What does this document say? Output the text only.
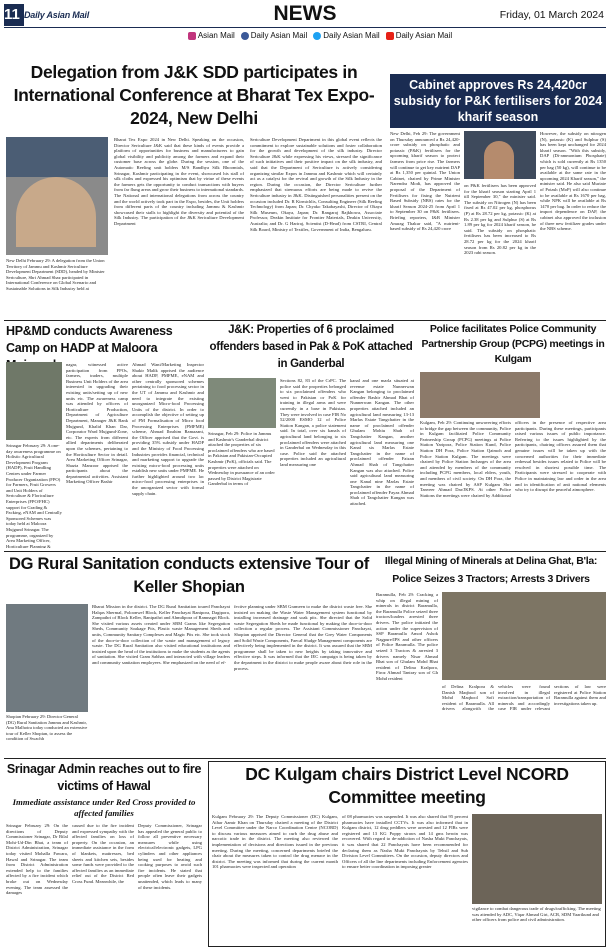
11 Daily Asian Mail	NEWS	Friday, 01 March 2024
Asian Mail Daily Asian Mail Daily Asian Mail Daily Asian Mail
Delegation from J&K SDD participates in International Conference at Bharat Tex Expo-2024, New Delhi
New Delhi February 29: A delegation from the Union Territory of Jammu and Kashmir Sericulture Development Department (SDD), headed by Minister Sericulture, Shri Ahmad Shaz participated in International Conference on Global Scenario and Sustainable Solutions in Silk Industry held at
Bharat Tex Expo 2024 in New Delhi. Speaking on the occasion, Director Sericulture J&K said that these kinds of events provide a platform of opportunities for business and manufacturers to gain global visibility and publicity among the farmers and expand their customer base across the globe. During the session, one of the Automatic Reeling unit holders M/S Bandhya Silk Bhoomtals, Srinagar, Kashmir participating in the event, showcased his stall of silk cloths and expressed his optimism that by virtue of these events the farmers gets the opportunity to conduct transactions with buyers from far flung areas and grow their business to international standards. The National and international delegations from across the country and the world actively took part in the Expo, besides, the Unit holders from different parts of the country including Jammu & Kashmir showcased their stalls to highlight the diversity and potential of the Silk Industry. The participation of the J&K Sericulture Development Department
Sericulture Development Department in this global event reflects the commitment to explore sustainable solutions and foster collaboration for the growth and development of the silk industry. Director Sericulture J&K while expressing his views, stressed the significance of such initiatives and their positive impact on the silk industry, and said that the Department of Sericulture is actively considering organizing similar Expos in Jammu and Kashmir which will certainly act as a catalyst for the revival and growth of the Silk Industry in the region. During the occasion, the Director Sericulture further emphasized that strenuous efforts are being made to revive the Sericulture industry in J&K. Distinguished personalities present on the occasion included Dr. R Kirmichlis, Consulting Engineer (Silk Reeling Technology) from Japan; Dr. Chyako Takabayashi, Director of Okaya Silk Museum, Okaya, Japan; Dr. Rangaraj Rajkhowa, Associate Professor, Deakin Institute for Frontier Materials, Deakin University, Australia; and Dr. G Hariraj, Scientist (D-Head) from CSTRI, Central Silk Board, Ministry of Textiles, Government of India, Bengaluru.
Cabinet approves Rs 24,420cr subsidy for P&K fertilisers for 2024 kharif season
New Delhi, Feb 29: The government on Thursday announced a Rs 24,420-crore subsidy on phosphatic and potassic (P&K) fertilisers for the upcoming kharif season to protect farmers from price rise. The farmers will continue to get key nutrient DAP at Rs 1,350 per quintal. The Union Cabinet, chaired by Prime Minister Narendra Modi, has approved the proposal of the Department of Fertilisers for fixing the Nutrient Based Subsidy (NBS) rates for the kharif Season 2024-25 from April 1 to September 30 on P&K fertilisers. Briefing reporters, I&B Minister Anurag Thakur said, "A nutrient-based subsidy of Rs 24,420 crore
on P&K fertilisers has been approved for the kharif season starting April 1 till September 30," the minister said. The subsidy on Nitrogen (N) has been fixed at Rs 47.02 per kg, phosphorus (P) at Rs 28.72 per kg, potassic (K) at Rs 2.38 per kg and Sulphur (S) at Rs 1.89 per kg for 2024 kharif season, he said. The subsidy on phosphatic fertilisers has been increased to Rs 28.72 per kg for the 2024 kharif season from Rs 20.82 per kg in the 2023 rabi season.
However, the subsidy on nitrogen (N), potassic (K) and Sulphur (S) has been kept unchanged for 2024 kharif season. "With this subsidy, DAP (Di-ammonium Phosphate) which is sold currently at Rs 1350 per bag (50 kg), will continue to be available at the same rate in the upcoming 2024 Kharif season," the minister said. He also said Muriate of Potash (MoP) will also continue to be available at Rs 1670 per bag, while NPK will be available at Rs 1470 per bag. In order to reduce the import dependence on DAP, the cabinet also approved the inclusion of three new fertilizer grades under the NBS scheme.
HP&MD conducts Awareness Camp on HADP at Maloora
Srinagar February 29: A one-day awareness programme on Holistic Agricultural Development Program (HADP), Fruit Handling Centres under Farmer Producer Organization (FPO) for Farmers, Fruit Growers and Unit Holders of Sericulture & Floriculture Enterprises (FPO/FHC) support for Grading & Packing, eNAM and Centrally Sponsored Schemes was today held at Maloora Mujgund Srinagar. The programme, organized by Area Marketing Officer, Horticulture Planning &
nagar, witnessed active participation from FPOs, farmers, traders, multiple Business Unit Holders of the area interested in upgrading their existing units/setting up of new units etc. The awareness camp was attended by officers of Horticulture Production, Department of Agriculture Department, Manager J&K Bank Mujgund, Khalid Khan Dar, Corporator Ward Mujgund-Zone, etc. The experts from different allied departments deliberated upon the schemes, pertaining to the Horticulture Sector in detail. Area Marketing Officer Srinagar, Shazia Manzoor apprised the participants about the departmental activities. Assistant Marketing Officer Bashir
Ahmad Wani/Marketing Inspector Shakir Malik apprised the audience about HADP, PMFME, eNAM and other centrally sponsored schemes pertaining to food processing sector in the UT of Jammu and Kashmir and need to integrate the existing unorganized Micro-food Processing Units of the district. In order to accomplish the objective of setting up of PM Formalisation of Micro food Processing Enterprises (PMFME) scheme, Ahmad Ibrahim Ramazani, the Officer apprised that the Govt. is providing 35% subsidy under HADP and the Ministry of Food Processing Industries provides financial, technical and marketing support to upgrade the existing micro-food processing units establish new units under PMFME. He further highlighted around two lac micro-food processing enterprises in the unorganized sector with formal supply chain.
J&K: Properties of 6 proclaimed offenders based in Pak & PoK attached in Ganderbal
Srinagar, Feb 29: Police in Jammu and Kashmir's Ganderbal district attached the properties of six proclaimed offenders who are based in Pakistan and Pakistan-Occupied Kashmir (PoK), officials said. The properties were attached on Wednesday in pursuance of an order passed by District Magistrate Ganderbal in terms of
Sections 82, 83 of the CrPC. The police said the properties belonged to six proclaimed offenders who went to Pakistan or PoK for training in illegal arms and were currently in a base in Pakistan. They were involved in case FIR No 52/2000 ESMO 12 of Police Station Kangan, a police statement said. In total, over six kanals of agricultural land belonging to six proclaimed offenders were attached in Ganderbal on Wednesday in this case. Police said the attached properties included an agricultural land measuring one
kanal and one marla situated at revenue estate Nunnerwan Kangan belonging to proclaimed offender Bashir Ahmad Bhat of Nunnerwan Kangan. The other properties attached included an agricultural land measuring 13-13 Marlas Estate Tangchatter in the name of proclaimed offender Ghulam Mohiu Shah of Tangchatter Kangan, another agricultural land measuring one Kanal six Marlas Estate Tangchatter in the name of proclaimed offender Faizan Ahmad Shah of Tangchatter Kangan was also attached. Police said agricultural land measuring one Kanal nine Marlas Estate Tangchatter in the name of proclaimed offender Fayaz Ahmad Shah of Tangchatter Kangan was attached.
Police facilitates Police Community Partnership Group (PCPG) meetings in Kulgam
Kulgam, Feb 29: Continuing unwavering efforts to bridge the gap between the community, Police in Kulgam facilitated Police Community Partnership Group (PCPG) meetings at Police Station Yaripora, Police Station Kund, Police Station DH Pora, Police Station Qaimoh and Police Station Kulgam. The meetings were chaired by Police Station Incharges of the area and attended by members of the community including PCPG members, local elders, youth, and members of civil society. On DH Pora, the meeting was chaired by ASP Kulgam Shri Tanveer Ahmad Dar/JKPS. At other Police Stations the meetings were chaired by Additional officers in the presence of respective area participants. During these meetings, participants raised various issues of public importance. Referring to the issues highlighted by the participants, chairing officers assured them that genuine issues will be taken up with the concerned authorities for their immediate redressal besides issues related to Police will be resolved in shortest possible time. The Participants were stressed to cooperate with Police in maintaining law and order in the area and in identification of anti national elements who try to disrupt the peaceful atmosphere.
DG Rural Sanitation conducts extensive Tour of Keller Shopian
Shopian February 29: Director General (DG) Rural Sanitation Jammu and Kashmir, Anu Malhotra today conducted an extensive tour of Keller Shopian, to assess the condition of Swachh
Bharat Mission in the district. The DG Rural Sanitation toured Panchayat Halqas Shermal, Poloonwel Block, Keller Panchayat Ranipora, Dagipora, Zampathri of Block Keller, Ranipathri and Ahmdipora of Ramnagri Block. She visited various assets created under SBM Grams like Segregation Sheds, Community Soakage Pits, Plastic waste Management Sheds and units, Community Sanitary Complexes and Magic Pits etc. She took stock of the door-to-door collection of the waste and management of legacy waste. The DG Rural Sanitation also visited educational institutions and insisted upon the head of the institutions to make the students as the agents of sanitation. She visited Gram Sabhas and interacted with village leaders and community sanitation employees. She emphasized on the need of ef-
fective planning under SBM Grameen to make the district waste free. She insisted on making the Waste Water Management system functional by installing increased drainage and soak pits. She directed that the Solid waste Segregation Sheds be made functional by making the door-to-door collection a regular process. The Assistant Commissioner Panchayat, Shopian apprised the Director General that the Grey Water Components and Solid Waste Components, Faecal Sludge Management components are effectively being implemented in the district. It was assured that the SBM programme shall be taken to new heights by taking innovative and effective steps. It was informed that the IEC campaign is being taken by the department in the district to make people aware about their role in the process.
Illegal Mining of Minerals at Delina Ghat, B'la:
Police Seizes 3 Tractors; Arrests 3 Drivers
Baramulla, Feb 29: Cracking a whip on illegal mining of minerals in district Baramulla, the Baramulla Police seized three tractors/loaders arrested three drivers. The police initiated the action under the supervision of SSP Baramulla Amod Ashok Nagpure/IPS and other officers of Police Baramulla. The police seized 3 Tractors & arrested 3 drivers namely Nisar Ahmad Bhat son of Ghulam Mohd Bhat resident of Delina Kralpora, Firoz Ahmad Tantray son of Gh Mohd resident
of Delina Kralpora & Danish Maqbool son of Mohd Maqbool Sofi resident of Baramulla. All drivers alongwith the vehicles were found involved in illegal extraction/transportation of minerals and accordingly case FIR under relevant sections of law were registered at Police Station Baramulla against them and investigations taken up.
Srinagar Admin reaches out to fire victims of Hawal
Immediate assistance under Red Cross provided to affected families
Srinagar February 29: On the directions of Deputy Commissioner Srinagar, Dr Bilal Mohi-Ud-Din Bhat, a team of District Administration, Srinagar today visited Mohalla Fawara, Hawal and Srinagar. The team from District Administration extended help to the families affected by a fire incident which broke out on Wednesday evening. The team assessed the damages
caused due to the fire incident and expressed sympathy with the affected families on loss of property. On the occasion, an immediate assistance in the form of blankets, mattresses, bed sheets and kitchen sets, besides some funds were provided to the affected families as an immediate relief out of the District Red Cross Fund. Meanwhile, the
Deputy Commissioner, Srinagar has appealed the general public to follow all preventive necessary measures while using electrical/electronic gadgets, LPG cylinders and other appliances being used for heating and cooking purposes to avoid such fire incidents. He stated that people often leave their gadgets unattended, which leads to many of these incidents.
DC Kulgam chairs District Level NCORD Committee meeting
Kulgam February 29: The Deputy Commissioner (DC) Kulgam, Athar Aamir Khan on Thursday chaired a meeting of the District Level Committee under the Narco Coordination Centre (NCORD) to discuss various measures aimed to curb the drug abuse and narcotic trade in the district. The meeting also reviewed the implementation of decisions and directions issued in the previous meeting. During the meeting, concerned departments briefed the chair about the measures taken to control the drug menace in the district. The meeting was informed that during the current month 101 pharmacies were inspected and operation
of 08 pharmacies was suspended. It was also shared that 95 percent pharmacies have installed CCTVs. It was also informed that in Kulgam district, 12 drug peddlers were arrested and 12 FIRs were registered and 13 KG Poppy straws and 14 gms heroin was recovered. With regard to de-addiction of Nasha Mukt Panchayats, it was shared that 22 Panchayats have been recommended for declaring them as Nasha Mukt Panchayats by Tehsil and Sub Division Level Committees. On the occasion, deputy directors and Officers of all the line departments including Enforcement agencies to ensure better coordination in imposing greater
vigilance to combat dangerous trade of drugs/trafficking. The meeting was attended by ADC, Viqar Ahmad Giri, ACR, SDM Yaarikund and other officers from police and civil administration.
